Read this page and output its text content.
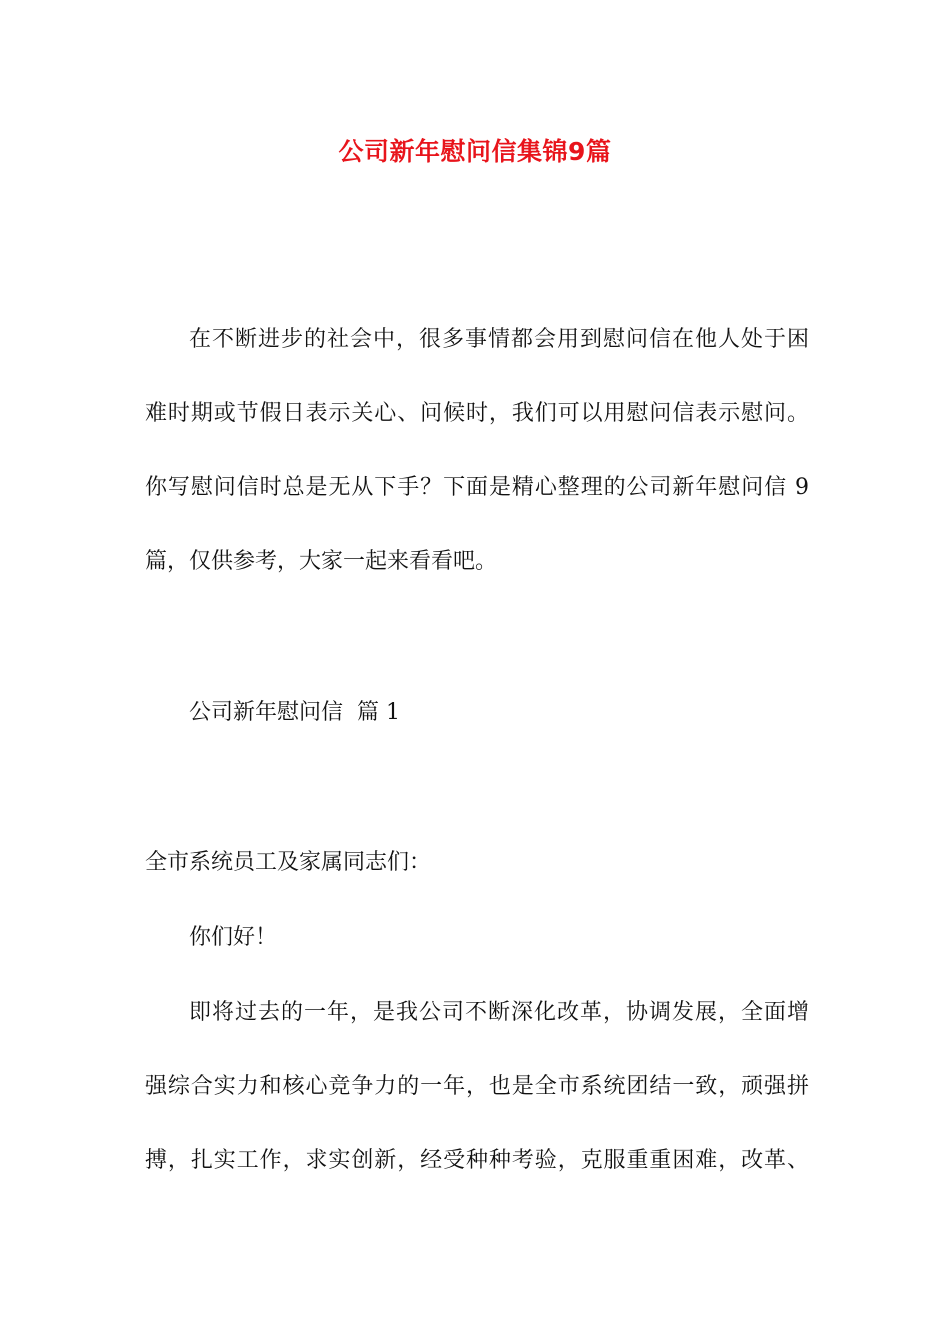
公司新年慰问信集锦9篇
在不断进步的社会中，很多事情都会用到慰问信在他人处于困
难时期或节假日表示关心、问候时，我们可以用慰问信表示慰问。
你写慰问信时总是无从下手？下面是精心整理的公司新年慰问信 9
篇，仅供参考，大家一起来看看吧。
公司新年慰问信  篇 1
全市系统员工及家属同志们：
你们好！
即将过去的一年，是我公司不断深化改革，协调发展，全面增
强综合实力和核心竞争力的一年，也是全市系统团结一致，顽强拼
搏，扎实工作，求实创新，经受种种考验，克服重重困难，改革、
